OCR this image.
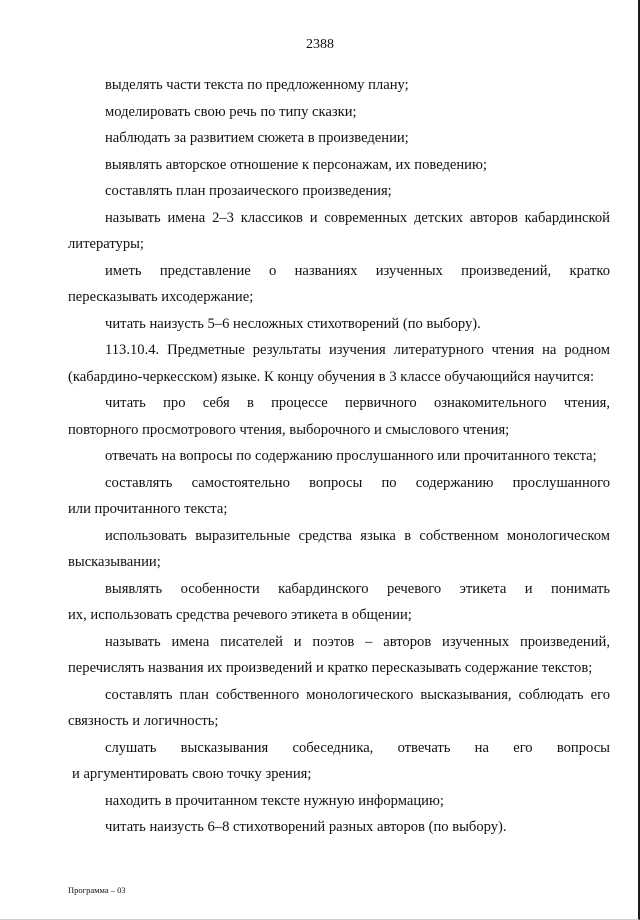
2388

выделять части текста по предложенному плану;

моделировать свою речь по типу сказки;

наблюдать за развитием сюжета в произведении;

выявлять авторское отношение к персонажам, их поведению;

составлять план прозаического произведения;

называть имена 2–3 классиков и современных детских авторов кабардинской
литературы;

иметь представление о названиях изученных произведений, кратко
пересказывать ихсодержание;

читать наизусть 5–6 несложных стихотворений (по выбору).

113.10.4. Предметные результаты изучения литературного чтения на родном
(кабардино-черкесском) языке. К концу обучения в 3 классе обучающийся научится:

читать про себя в процессе первичного ознакомительного чтения,
повторного просмотрового чтения, выборочного и смыслового чтения;

отвечать на вопросы по содержанию прослушанного или прочитанного текста;

составлять самостоятельно вопросы по содержанию прослушанного
или прочитанного текста;

использовать выразительные средства языка в собственном монологическом
высказывании;

выявлять особенности кабардинского речевого этикета и понимать
их, использовать средства речевого этикета в общении;

называть имена писателей и поэтов – авторов изученных произведений,
перечислять названия их произведений и кратко пересказывать содержание текстов;

составлять план собственного монологического высказывания, соблюдать его
связность и логичность;

слушать высказывания собеседника, отвечать на его вопросы
и аргументировать свою точку зрения;

находить в прочитанном тексте нужную информацию;

читать наизусть 6–8 стихотворений разных авторов (по выбору).

Программа – 03
